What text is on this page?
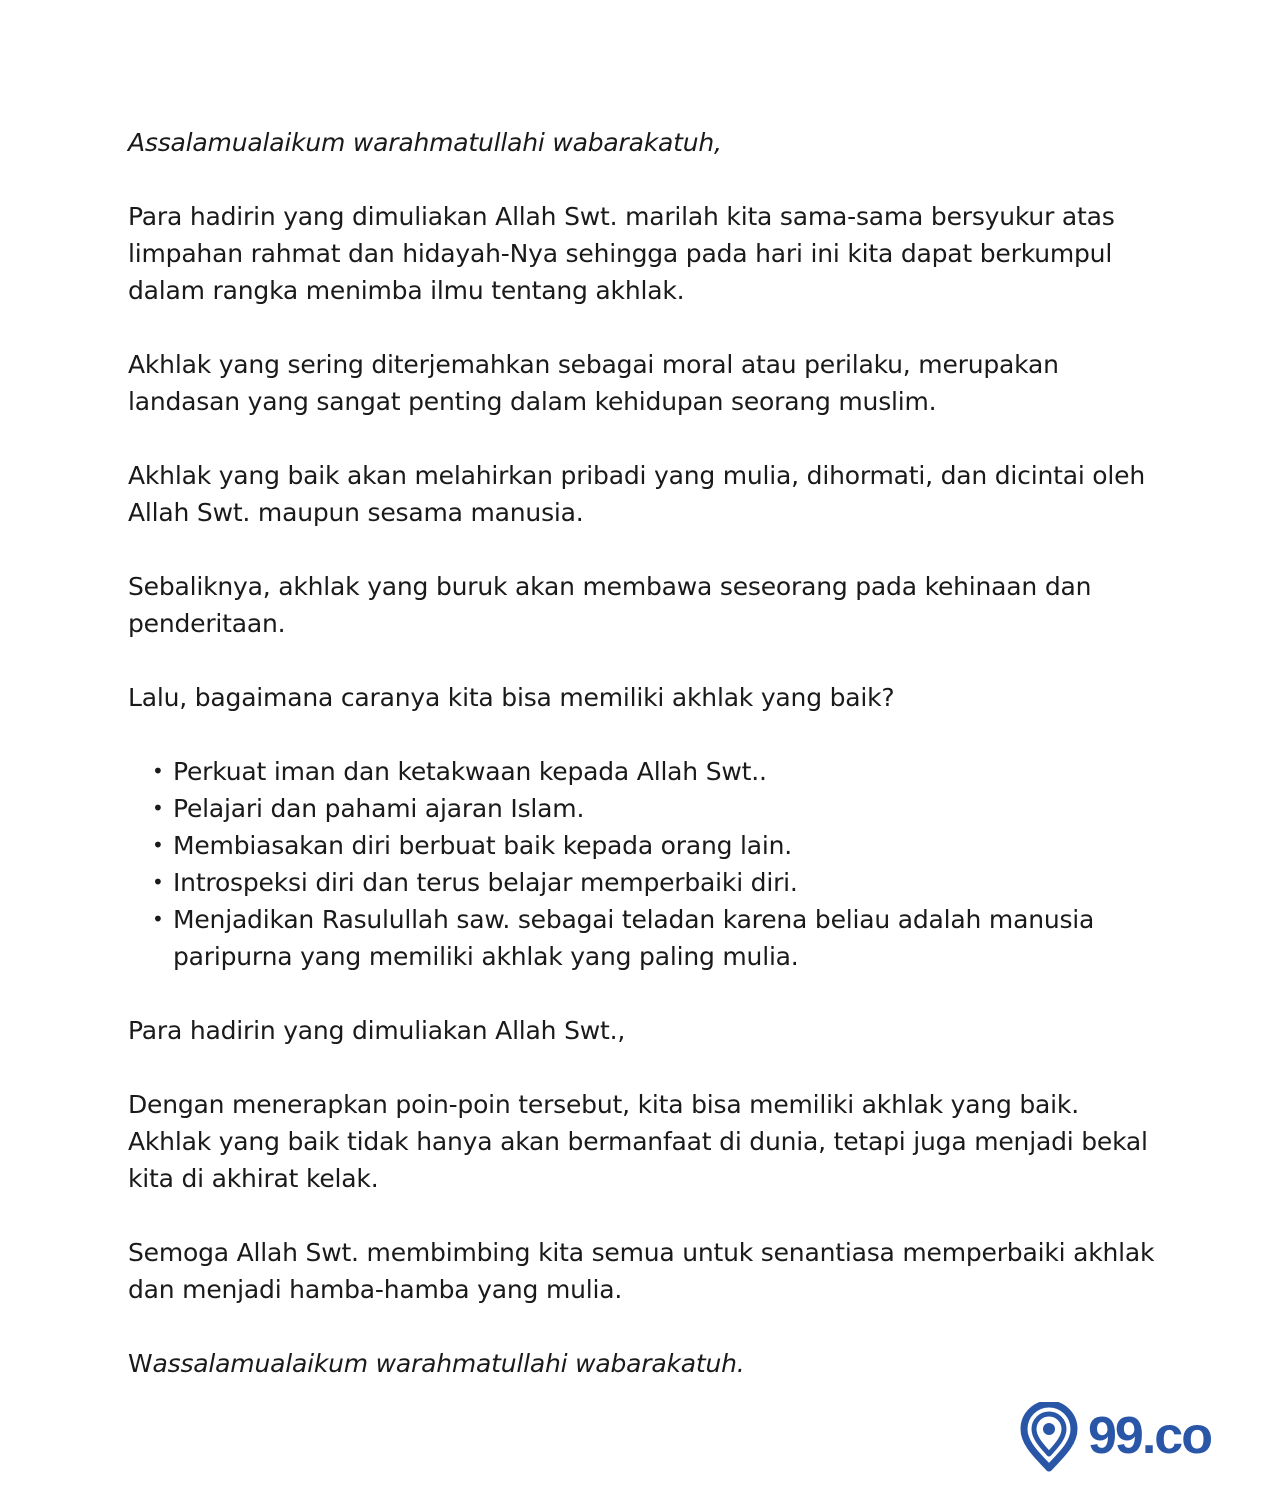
Assalamualaikum warahmatullahi wabarakatuh,

Para hadirin yang dimuliakan Allah Swt. marilah kita sama-sama bersyukur atas limpahan rahmat dan hidayah-Nya sehingga pada hari ini kita dapat berkumpul dalam rangka menimba ilmu tentang akhlak.

Akhlak yang sering diterjemahkan sebagai moral atau perilaku, merupakan landasan yang sangat penting dalam kehidupan seorang muslim.

Akhlak yang baik akan melahirkan pribadi yang mulia, dihormati, dan dicintai oleh Allah Swt. maupun sesama manusia.

Sebaliknya, akhlak yang buruk akan membawa seseorang pada kehinaan dan penderitaan.

Lalu, bagaimana caranya kita bisa memiliki akhlak yang baik?

• Perkuat iman dan ketakwaan kepada Allah Swt..
• Pelajari dan pahami ajaran Islam.
• Membiasakan diri berbuat baik kepada orang lain.
• Introspeksi diri dan terus belajar memperbaiki diri.
• Menjadikan Rasulullah saw. sebagai teladan karena beliau adalah manusia paripurna yang memiliki akhlak yang paling mulia.

Para hadirin yang dimuliakan Allah Swt.,

Dengan menerapkan poin-poin tersebut, kita bisa memiliki akhlak yang baik.
Akhlak yang baik tidak hanya akan bermanfaat di dunia, tetapi juga menjadi bekal kita di akhirat kelak.

Semoga Allah Swt. membimbing kita semua untuk senantiasa memperbaiki akhlak dan menjadi hamba-hamba yang mulia.

Wassalamualaikum warahmatullahi wabarakatuh.

99.co
